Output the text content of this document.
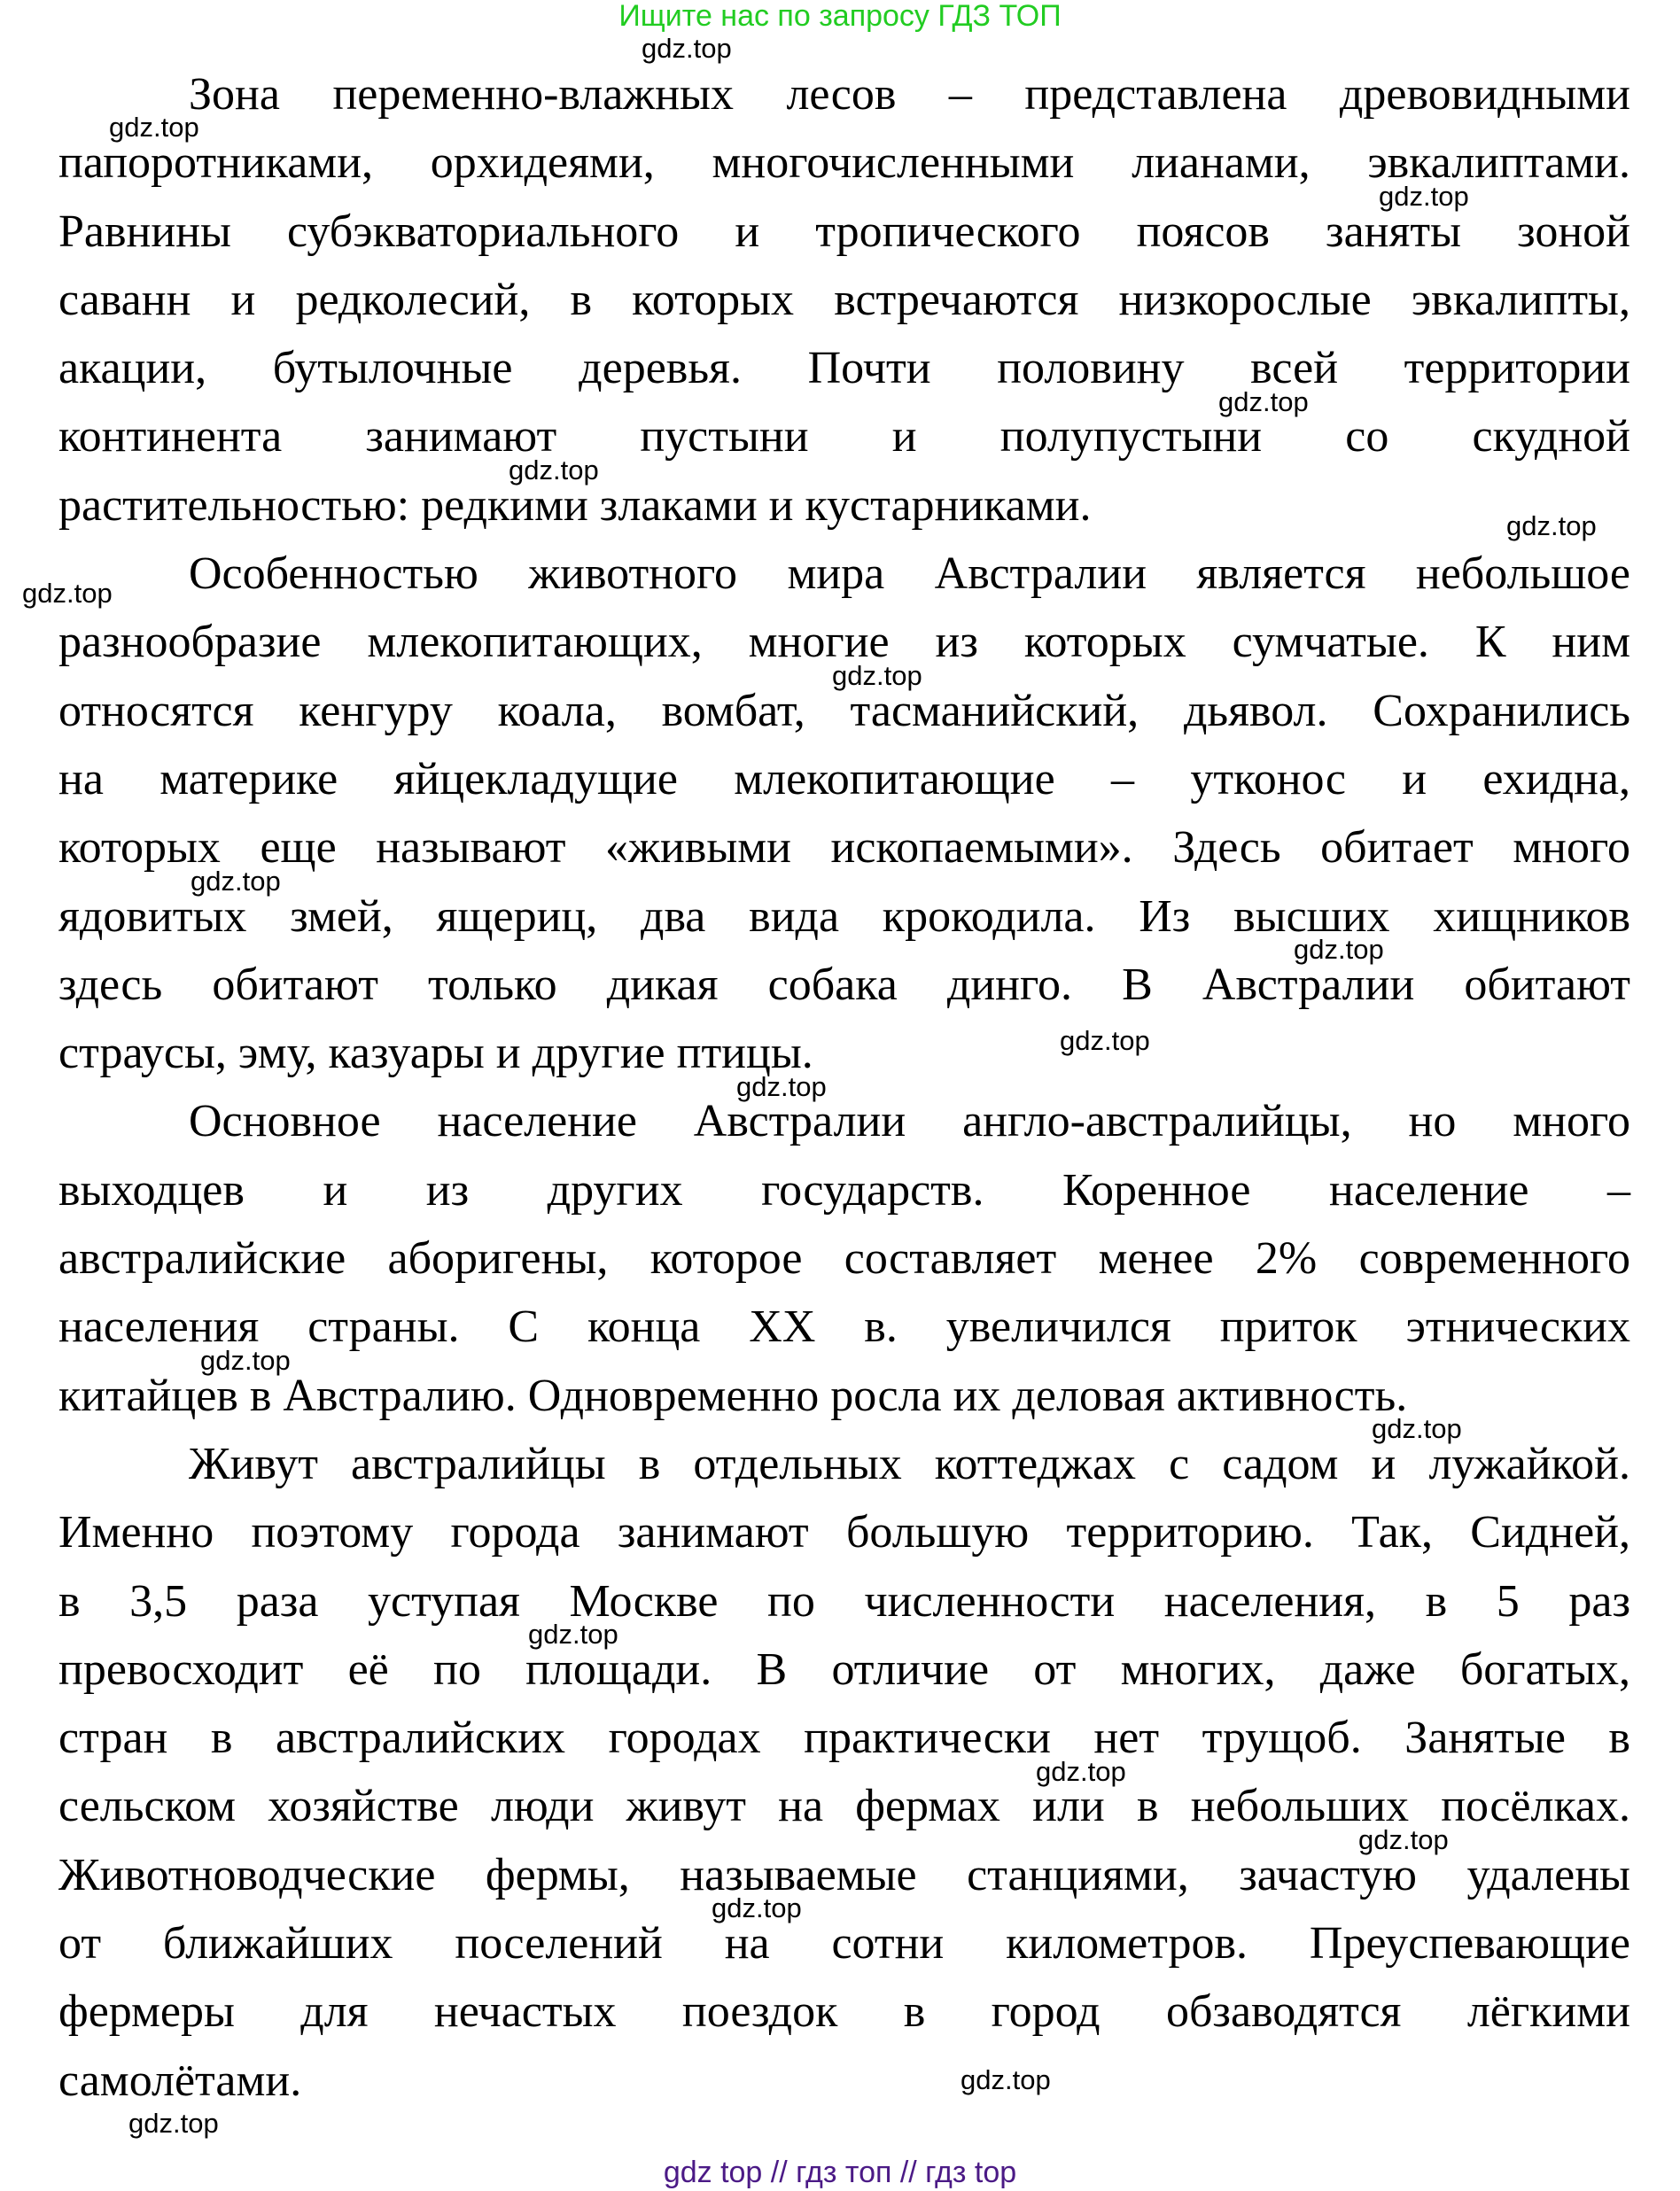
Ищите нас по запросу ГДЗ ТОП
Зона переменно-влажных лесов – представлена древовидными
папоротниками, орхидеями, многочисленными лианами, эвкалиптами.
Равнины субэкваториального и тропического поясов заняты зоной
саванн и редколесий, в которых встречаются низкорослые эвкалипты,
акации, бутылочные деревья. Почти половину всей территории
континента занимают пустыни и полупустыни со скудной
растительностью: редкими злаками и кустарниками.
Особенностью животного мира Австралии является небольшое
разнообразие млекопитающих, многие из которых сумчатые. К ним
относятся кенгуру коала, вомбат, тасманийский, дьявол. Сохранились
на материке яйцекладущие млекопитающие – утконос и ехидна,
которых еще называют «живыми ископаемыми». Здесь обитает много
ядовитых змей, ящериц, два вида крокодила. Из высших хищников
здесь обитают только дикая собака динго. В Австралии обитают
страусы, эму, казуары и другие птицы.
Основное население Австралии англо-австралийцы, но много
выходцев и из других государств. Коренное население –
австралийские аборигены, которое составляет менее 2% современного
населения страны. С конца XX в. увеличился приток этнических
китайцев в Австралию. Одновременно росла их деловая активность.
Живут австралийцы в отдельных коттеджах с садом и лужайкой.
Именно поэтому города занимают большую территорию. Так, Сидней,
в 3,5 раза уступая Москве по численности населения, в 5 раз
превосходит её по площади. В отличие от многих, даже богатых,
стран в австралийских городах практически нет трущоб. Занятые в
сельском хозяйстве люди живут на фермах или в небольших посёлках.
Животноводческие фермы, называемые станциями, зачастую удалены
от ближайших поселений на сотни километров. Преуспевающие
фермеры для нечастых поездок в город обзаводятся лёгкими
самолётами.
gdz.top
gdz.top
gdz.top
gdz.top
gdz.top
gdz.top
gdz.top
gdz.top
gdz.top
gdz.top
gdz.top
gdz.top
gdz.top
gdz.top
gdz.top
gdz.top
gdz.top
gdz.top
gdz.top
gdz.top
gdz top // гдз топ // гдз top
